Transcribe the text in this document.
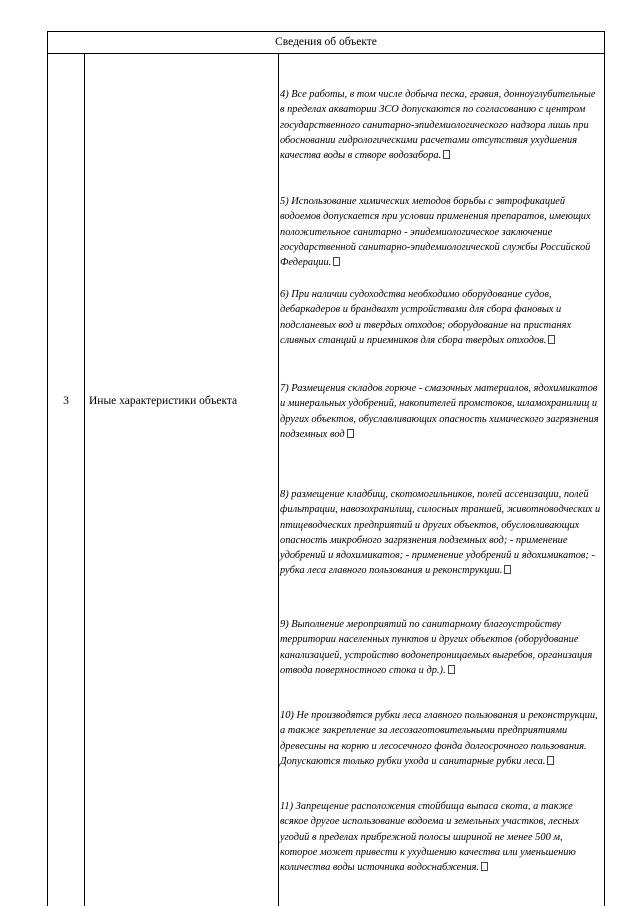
Сведения об объекте
3	Иные характеристики объекта

4) Все работы, в том числе добыча песка, гравия, донноуглубительные в пределах акватории ЗСО допускаются по согласованию с центром государственного санитарно-эпидемиологического надзора лишь при обосновании гидрологическими расчетами отсутствия ухудшения качества воды в створе водозабора.

5) Использование химических методов борьбы с эвтрофикацией водоемов допускается при условии применения препаратов, имеющих положительное санитарно - эпидемиологическое заключение государственной санитарно-эпидемиологической службы Российской Федерации.

6) При наличии судоходства необходимо оборудование судов, дебаркадеров и брандвахт устройствами для сбора фановых и подсланевых вод и твердых отходов; оборудование на пристанях сливных станций и приемников для сбора твердых отходов.

7) Размещения складов горюче - смазочных материалов, ядохимикатов и минеральных удобрений, накопителей промстоков, шламохранилищ и других объектов, обуславливающих опасность химического загрязнения подземных вод

8) размещение кладбищ, скотомогильников, полей ассенизации, полей фильтрации, навозохранилищ, силосных траншей, животноводческих и птицеводческих предприятий и других объектов, обусловливающих опасность микробного загрязнения подземных вод; - применение удобрений и ядохимикатов; - применение удобрений и ядохимикатов; - рубка леса главного пользования и реконструкции.

9) Выполнение мероприятий по санитарному благоустройству территории населенных пунктов и других объектов (оборудование канализацией, устройство водонепроницаемых выгребов, организация отвода поверхностного стока и др.).

10) Не производятся рубки леса главного пользования и реконструкции, а также закрепление за лесозаготовительными предприятиями древесины на корню и лесосечного фонда долгосрочного пользования. Допускаются только рубки ухода и санитарные рубки леса.

11) Запрещение расположения стойбища выпаса скота, а также всякое другое использование водоема и земельных участков, лесных угодий в пределах прибрежной полосы шириной не менее 500 м, которое может привести к ухудшению качества или уменьшению количества воды источника водоснабжения.
